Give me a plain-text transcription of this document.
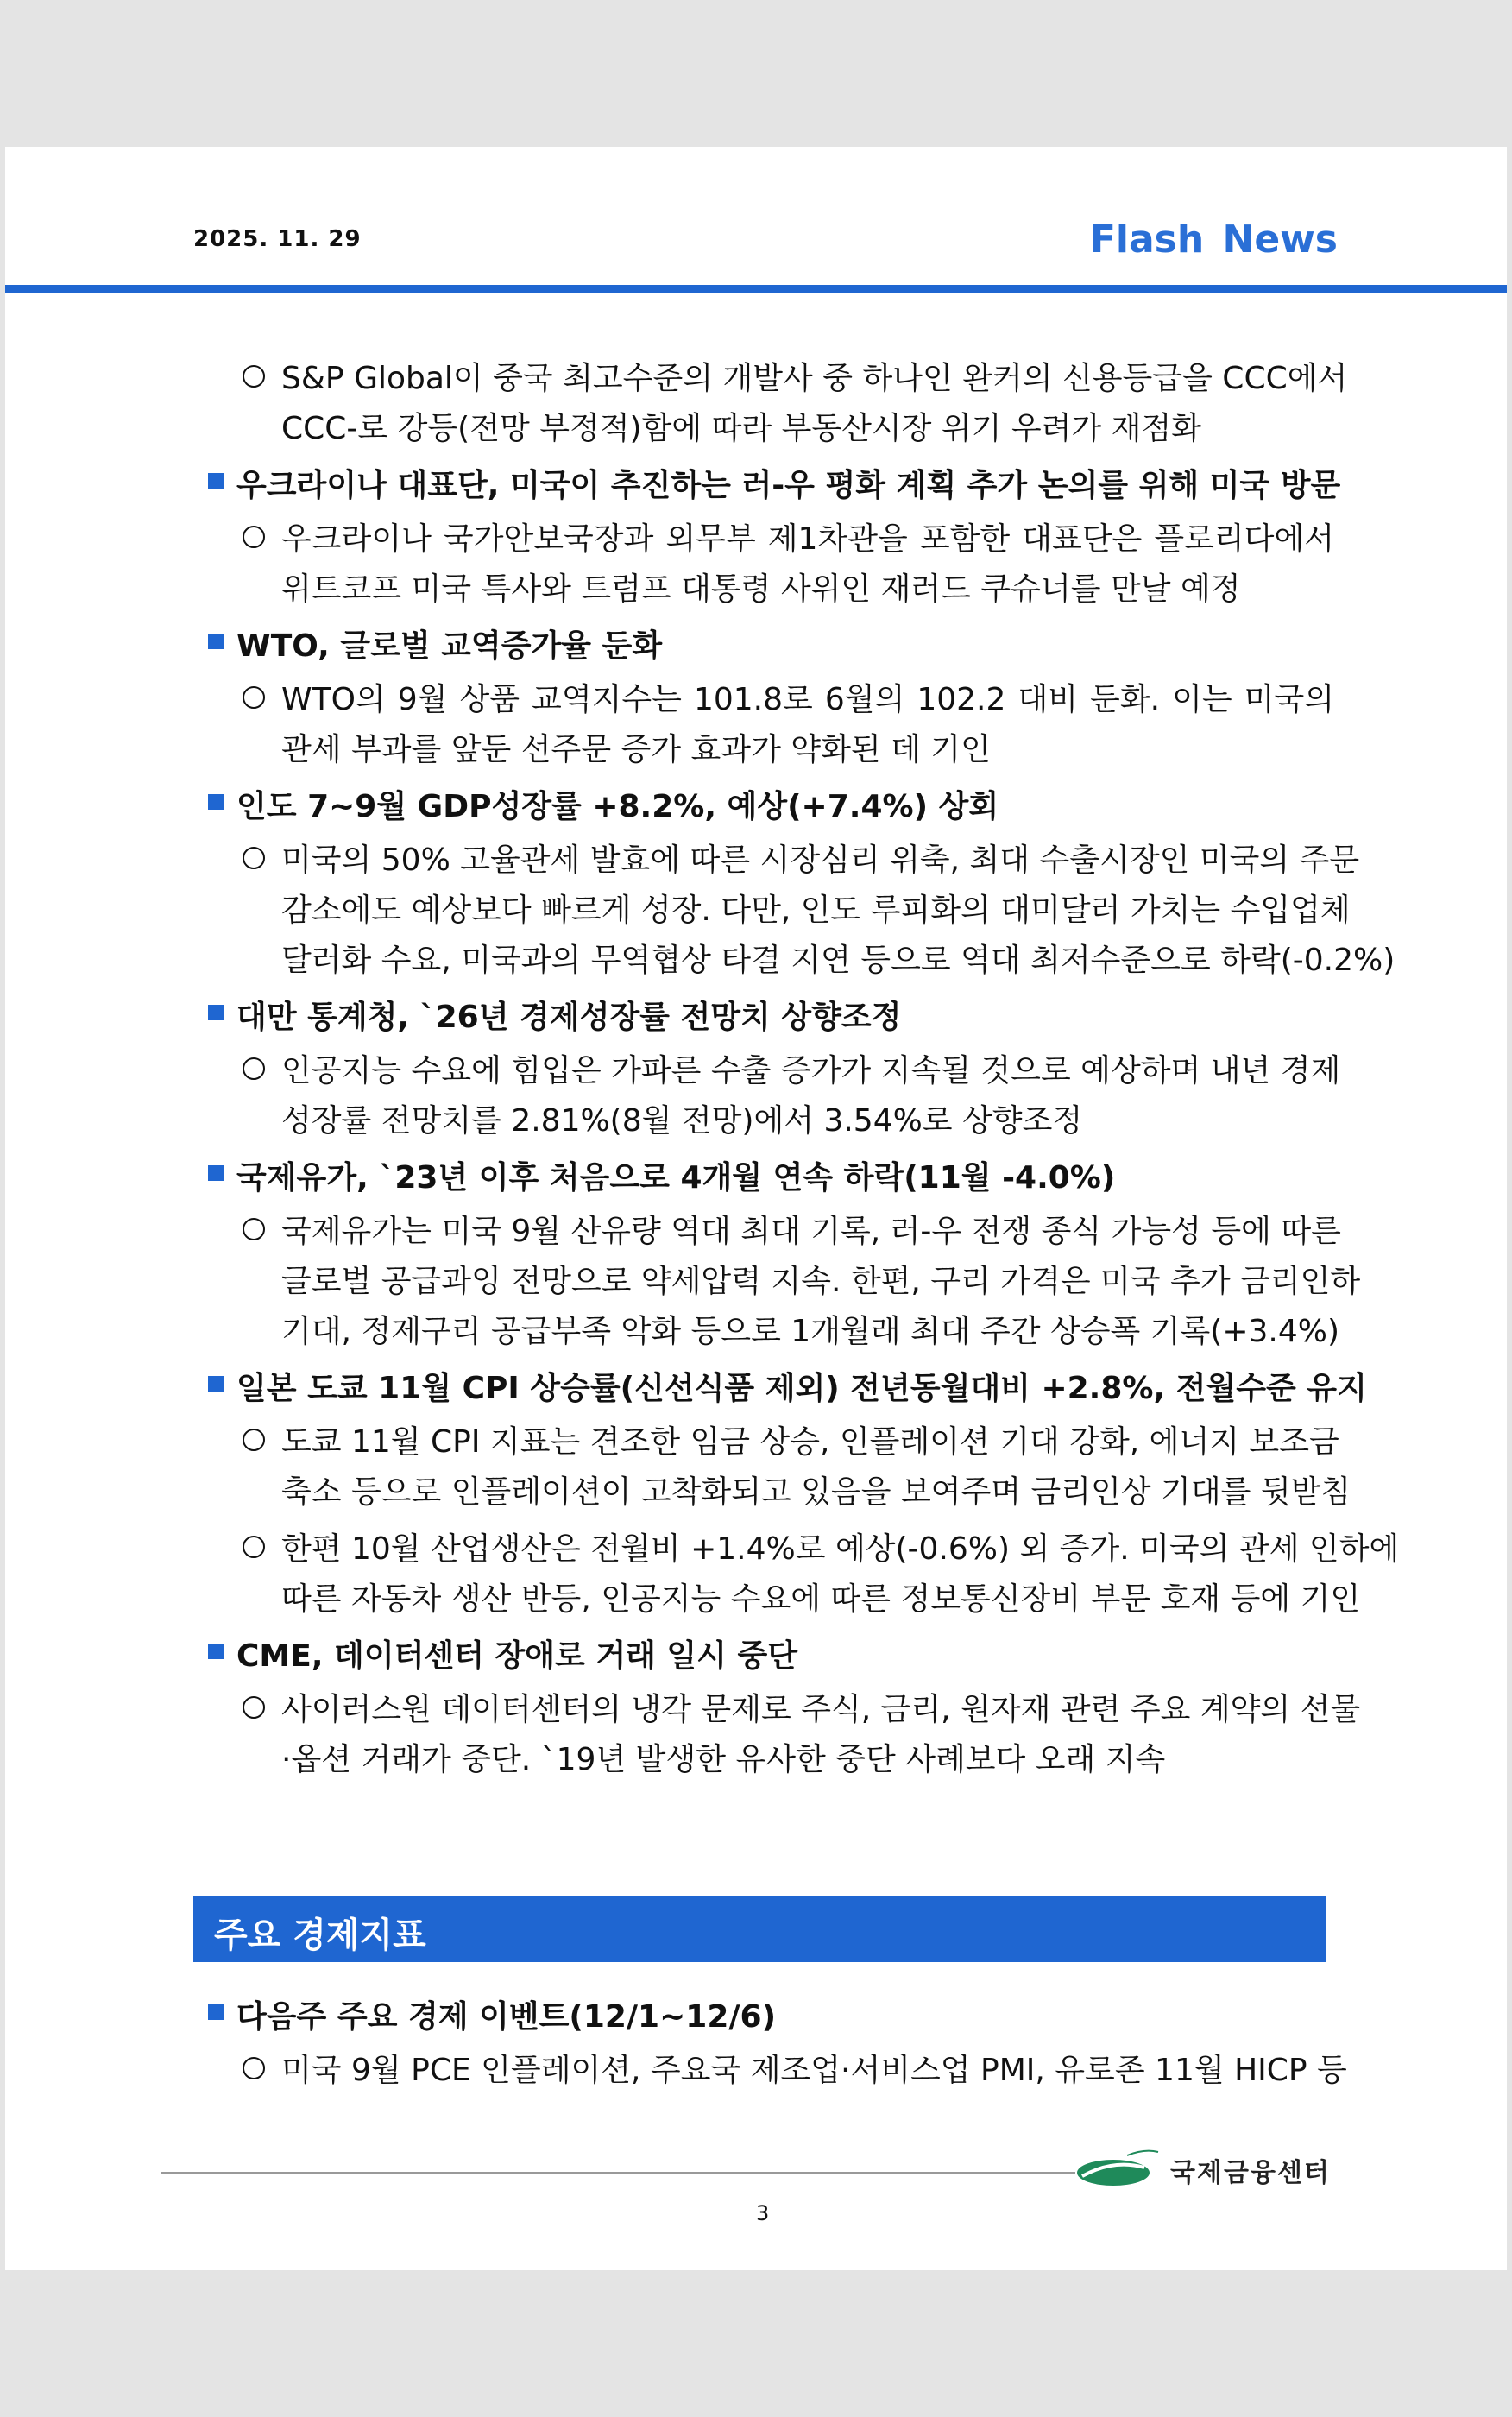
2025. 11. 29	Flash News
S&P Global이 중국 최고수준의 개발사 중 하나인 완커의 신용등급을 CCC에서
CCC-로 강등(전망 부정적)함에 따라 부동산시장 위기 우려가 재점화
우크라이나 대표단, 미국이 추진하는 러-우 평화 계획 추가 논의를 위해 미국 방문
우크라이나 국가안보국장과 외무부 제1차관을 포함한 대표단은 플로리다에서
위트코프 미국 특사와 트럼프 대통령 사위인 재러드 쿠슈너를 만날 예정
WTO, 글로벌 교역증가율 둔화
WTO의 9월 상품 교역지수는 101.8로 6월의 102.2 대비 둔화. 이는 미국의
관세 부과를 앞둔 선주문 증가 효과가 약화된 데 기인
인도 7~9월 GDP성장률 +8.2%, 예상(+7.4%) 상회
미국의 50% 고율관세 발효에 따른 시장심리 위축, 최대 수출시장인 미국의 주문
감소에도 예상보다 빠르게 성장. 다만, 인도 루피화의 대미달러 가치는 수입업체
달러화 수요, 미국과의 무역협상 타결 지연 등으로 역대 최저수준으로 하락(-0.2%)
대만 통계청, `26년 경제성장률 전망치 상향조정
인공지능 수요에 힘입은 가파른 수출 증가가 지속될 것으로 예상하며 내년 경제
성장률 전망치를 2.81%(8월 전망)에서 3.54%로 상향조정
국제유가, `23년 이후 처음으로 4개월 연속 하락(11월 -4.0%)
국제유가는 미국 9월 산유량 역대 최대 기록, 러-우 전쟁 종식 가능성 등에 따른
글로벌 공급과잉 전망으로 약세압력 지속. 한편, 구리 가격은 미국 추가 금리인하
기대, 정제구리 공급부족 악화 등으로 1개월래 최대 주간 상승폭 기록(+3.4%)
일본 도쿄 11월 CPI 상승률(신선식품 제외) 전년동월대비 +2.8%, 전월수준 유지
도쿄 11월 CPI 지표는 견조한 임금 상승, 인플레이션 기대 강화, 에너지 보조금
축소 등으로 인플레이션이 고착화되고 있음을 보여주며 금리인상 기대를 뒷받침
한편 10월 산업생산은 전월비 +1.4%로 예상(-0.6%) 외 증가. 미국의 관세 인하에
따른 자동차 생산 반등, 인공지능 수요에 따른 정보통신장비 부문 호재 등에 기인
CME, 데이터센터 장애로 거래 일시 중단
사이러스원 데이터센터의 냉각 문제로 주식, 금리, 원자재 관련 주요 계약의 선물
·옵션 거래가 중단. `19년 발생한 유사한 중단 사례보다 오래 지속
주요 경제지표
다음주 주요 경제 이벤트(12/1~12/6)
미국 9월 PCE 인플레이션, 주요국 제조업·서비스업 PMI, 유로존 11월 HICP 등
국제금융센터
3
